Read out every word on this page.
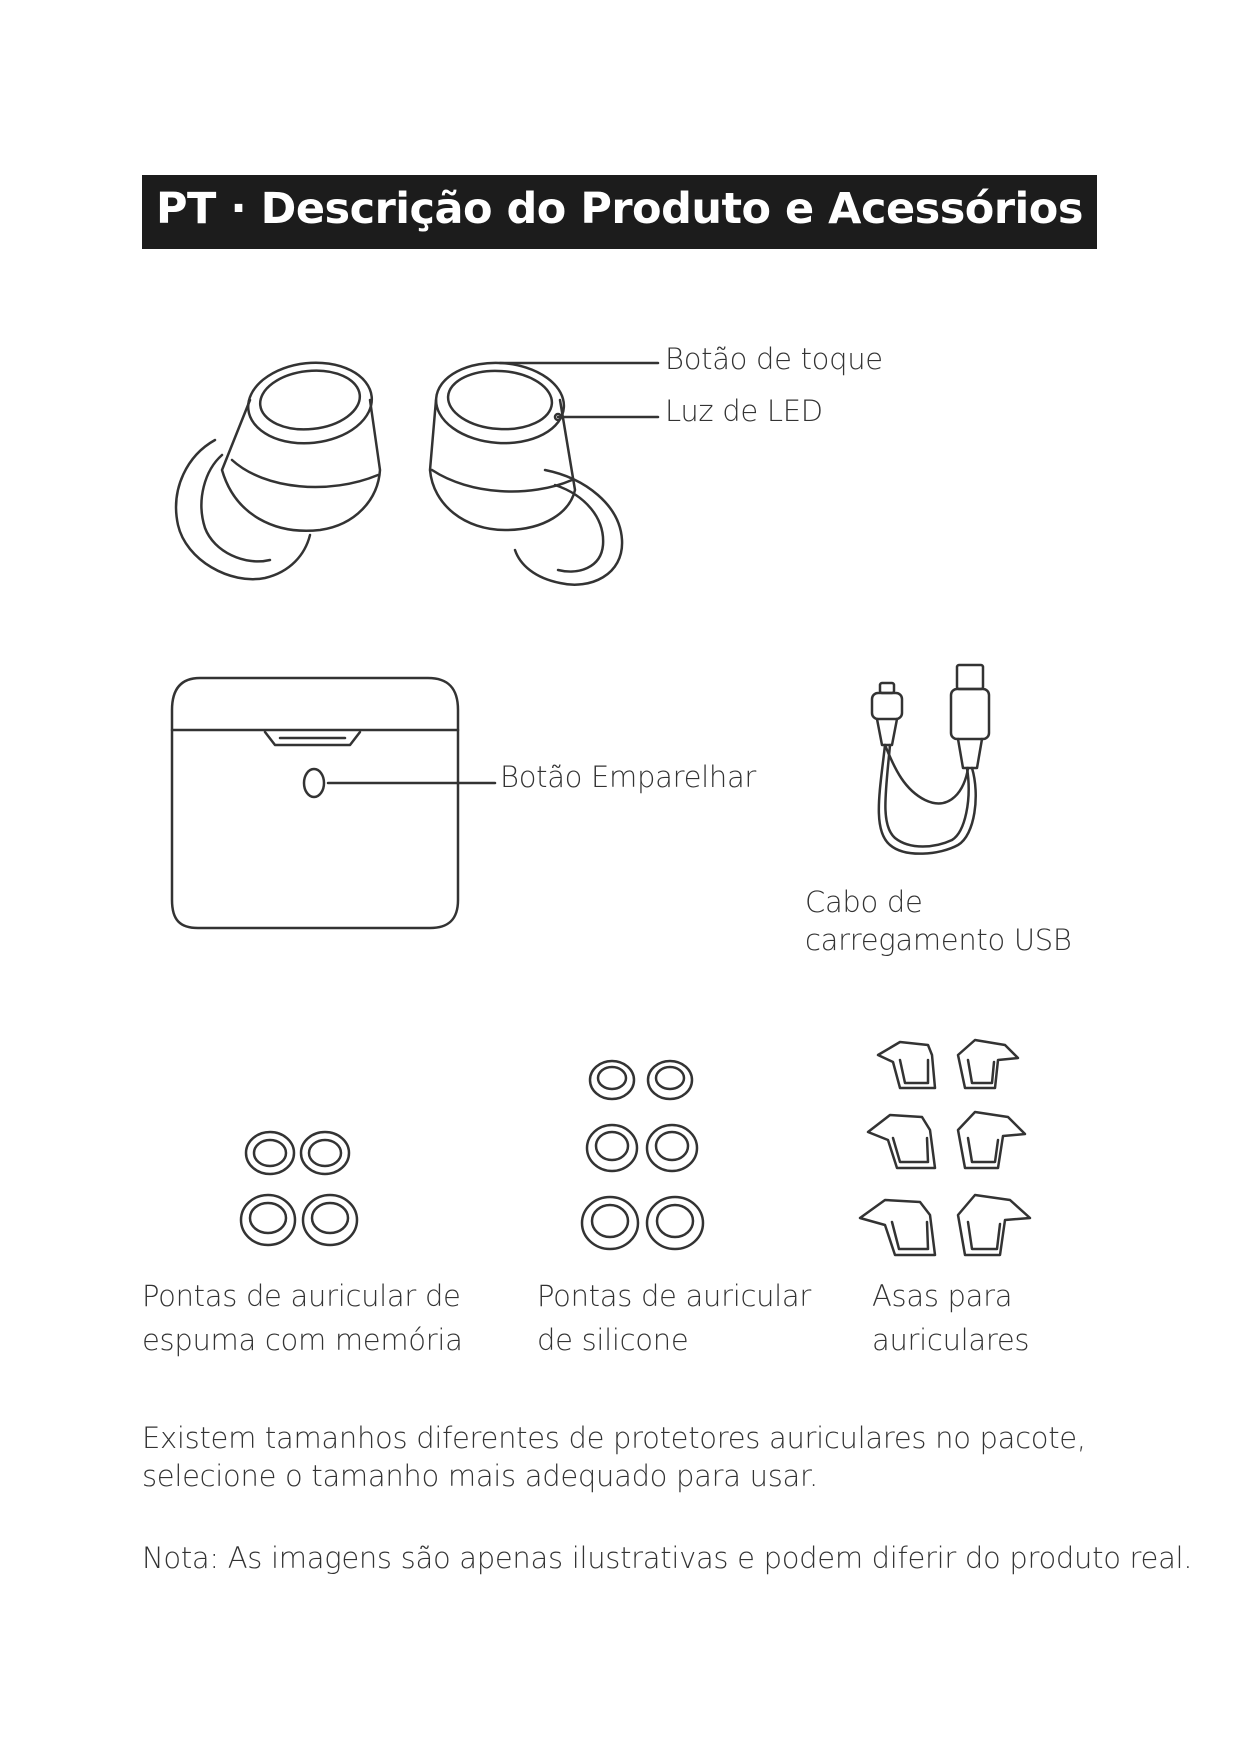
PT · Descrição do Produto e Acessórios
Botão de toque
Luz de LED
Botão Emparelhar
Cabo de
carregamento USB
Pontas de auricular de
espuma com memória
Pontas de auricular
de silicone
Asas para
auriculares
Existem tamanhos diferentes de protetores auriculares no pacote,
selecione o tamanho mais adequado para usar.
Nota: As imagens são apenas ilustrativas e podem diferir do produto real.
